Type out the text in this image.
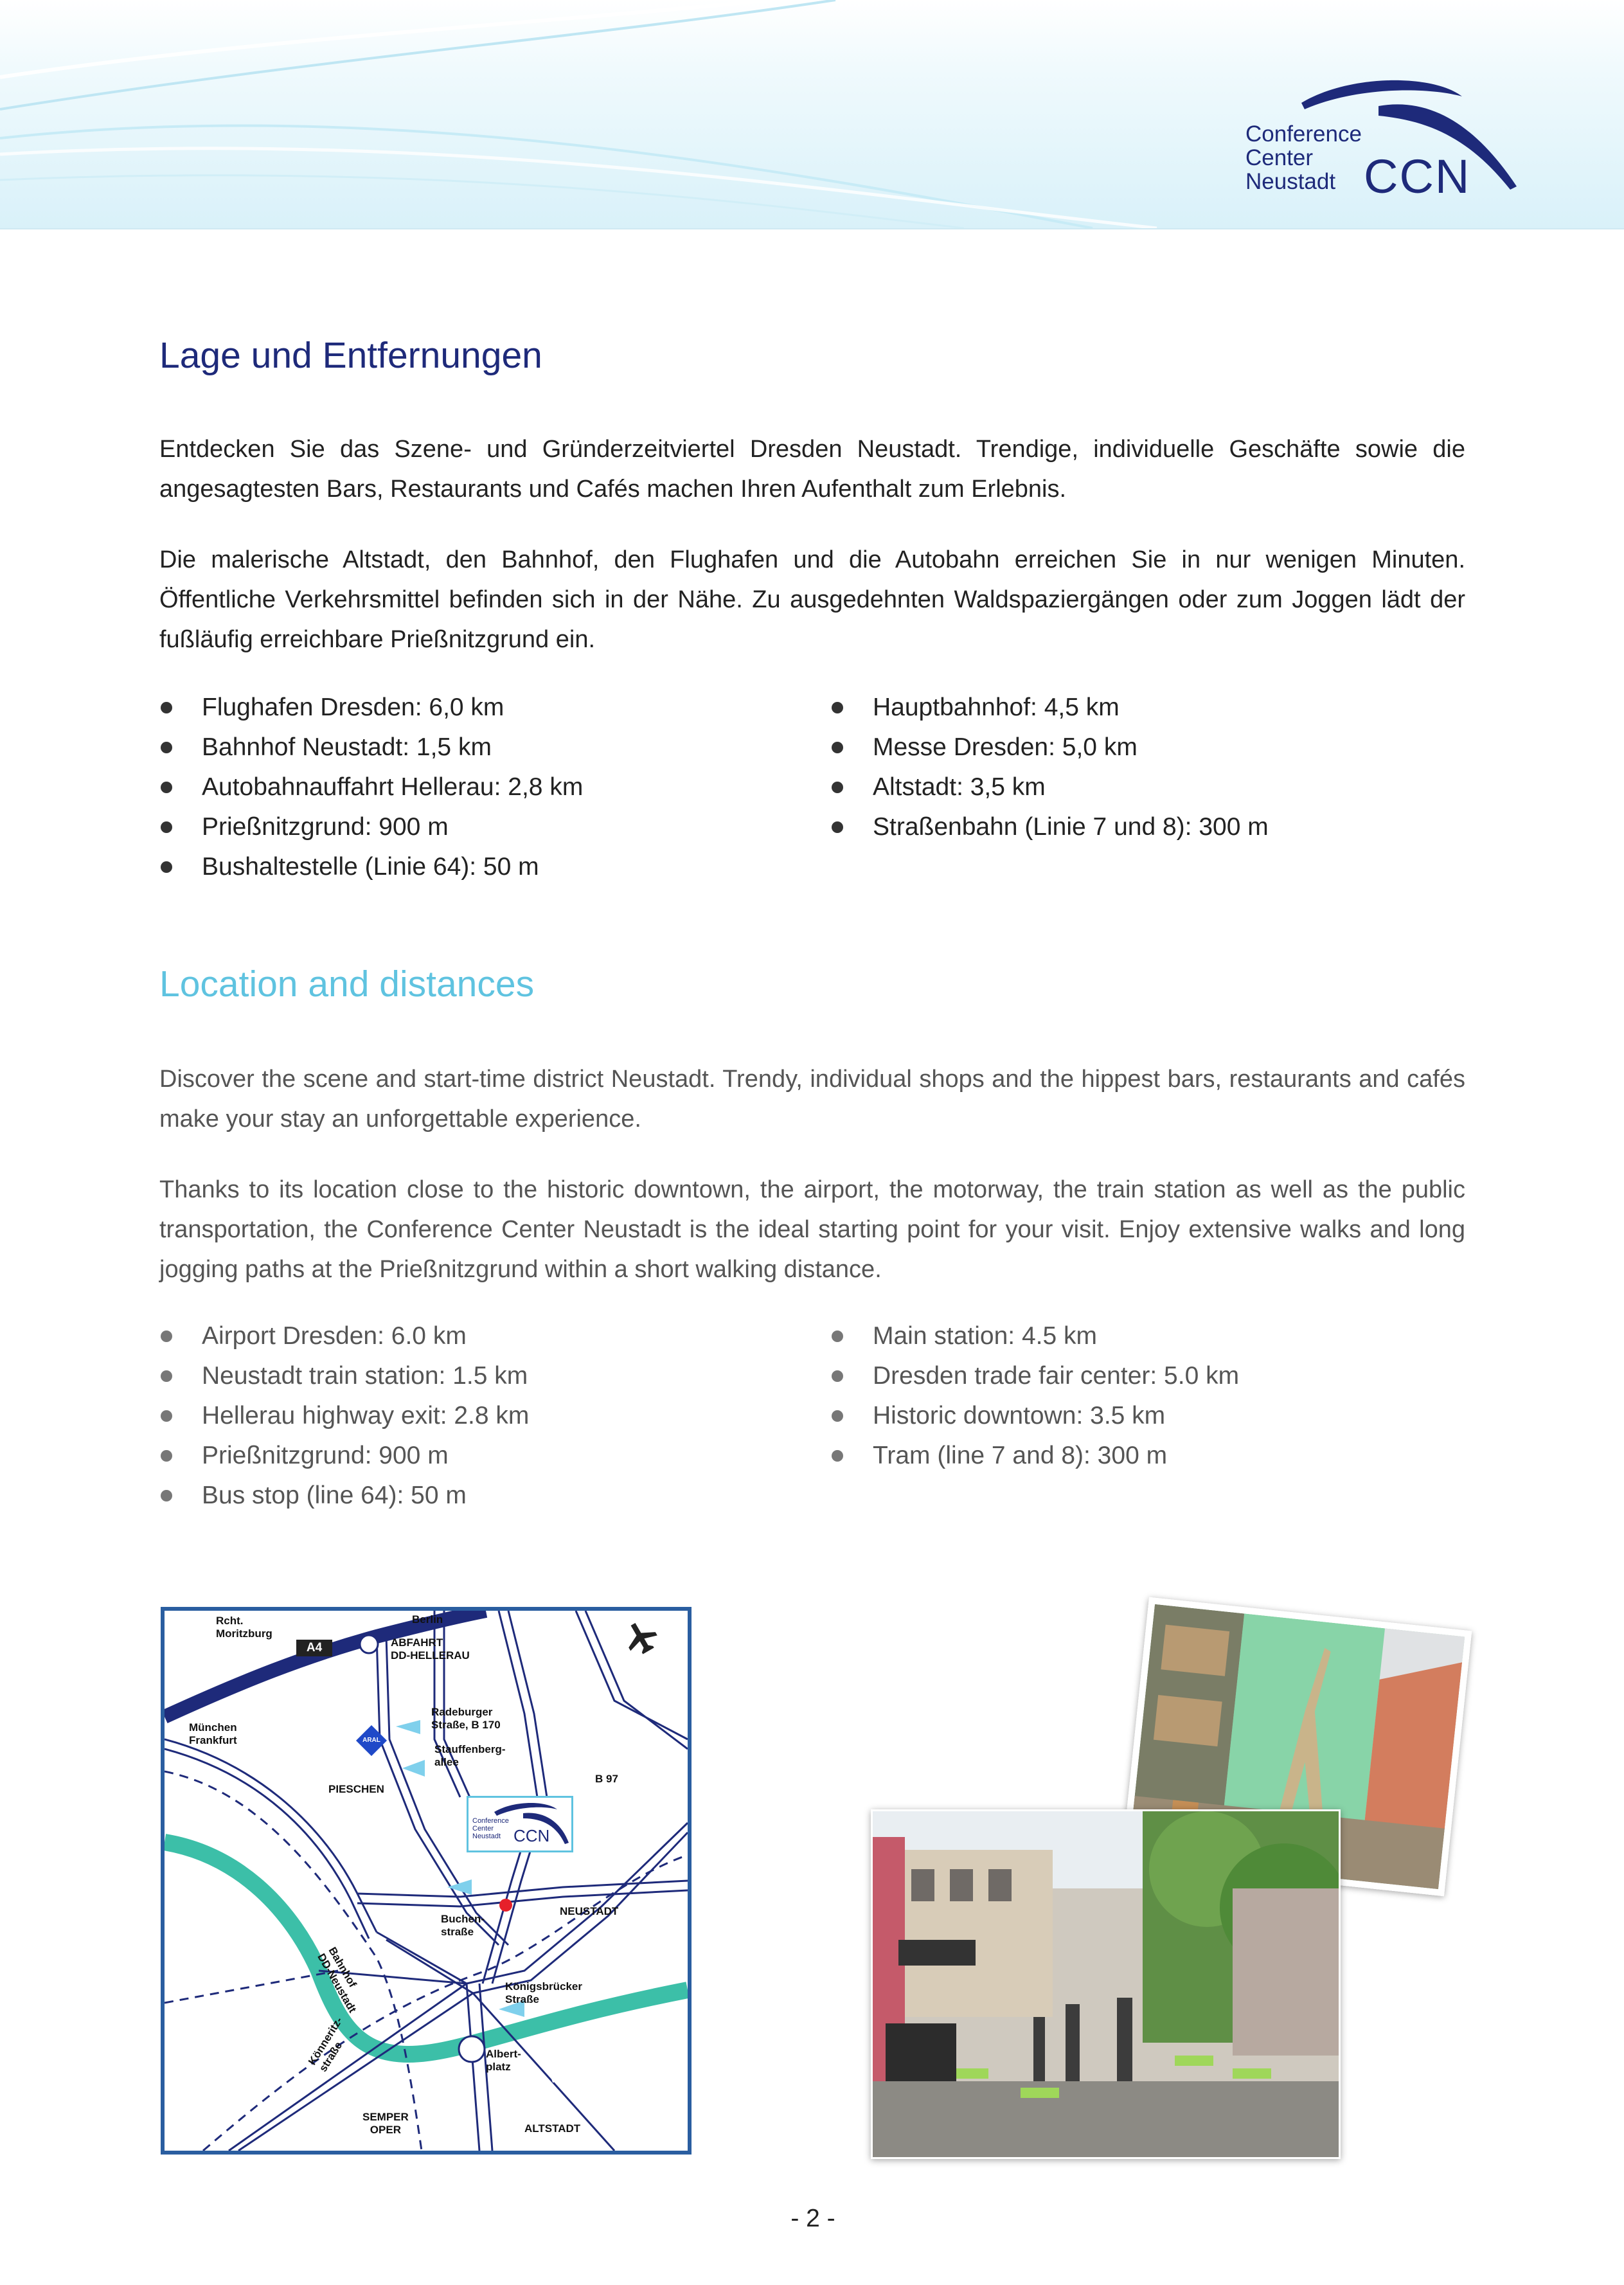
Conference
Center
Neustadt CCN
Lage und Entfernungen

Entdecken Sie das Szene- und Gründerzeitviertel Dresden Neustadt. Trendige, individuelle Geschäfte sowie die angesagtesten Bars, Restaurants und Cafés machen Ihren Aufenthalt zum Erlebnis.

Die malerische Altstadt, den Bahnhof, den Flughafen und die Autobahn erreichen Sie in nur wenigen Minuten. Öffentliche Verkehrsmittel befinden sich in der Nähe. Zu ausgedehnten Waldspaziergängen oder zum Joggen lädt der fußläufig erreichbare Prießnitzgrund ein.

Flughafen Dresden: 6,0 km
Bahnhof Neustadt: 1,5 km
Autobahnauffahrt Hellerau: 2,8 km
Prießnitzgrund: 900 m
Bushaltestelle (Linie 64): 50 m
Hauptbahnhof: 4,5 km
Messe Dresden: 5,0 km
Altstadt: 3,5 km
Straßenbahn (Linie 7 und 8): 300 m
Location and distances

Discover the scene and start-time district Neustadt. Trendy, individual shops and the hippest bars, restaurants and cafés make your stay an unforgettable experience.

Thanks to its location close to the historic downtown, the airport, the motorway, the train station as well as the public transportation, the Conference Center Neustadt is the ideal starting point for your visit. Enjoy extensive walks and long jogging paths at the Prießnitzgrund within a short walking distance.

Airport Dresden: 6.0 km
Neustadt train station: 1.5 km
Hellerau highway exit: 2.8 km
Prießnitzgrund: 900 m
Bus stop (line 64): 50 m
Main station: 4.5 km
Dresden trade fair center: 5.0 km
Historic downtown: 3.5 km
Tram (line 7 and 8): 300 m
A4
Rcht.
Moritzburg
Berlin
ABFAHRT
DD-HELLERAU
München
Frankfurt
Radeburger
Straße, B 170
Stauffenberg-
allee
ARAL
PIESCHEN
B 97
Conference
Center
Neustadt CCN
NEUSTADT
Buchen-
straße
Bahnhof
DD-Neustadt	Königsbrücker
Straße
Albert-
platz	ELBE
Könneritz-
straße
SEMPER
OPER	ALTSTADT
- 2 -
